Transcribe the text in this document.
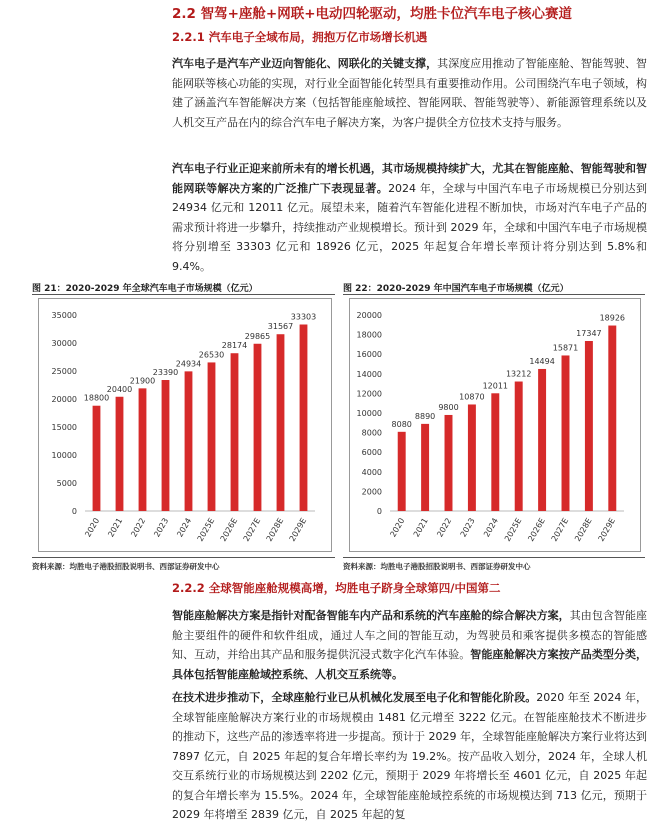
2.2 智驾+座舱+网联+电动四轮驱动，均胜卡位汽车电子核心赛道
2.2.1 汽车电子全域布局，拥抱万亿市场增长机遇

汽车电子是汽车产业迈向智能化、网联化的关键支撑，其深度应用推动了智能座舱、智能驾驶、智能网联等核心功能的实现，对行业全面智能化转型具有重要推动作用。公司围绕汽车电子领域，构建了涵盖汽车智能解决方案（包括智能座舱域控、智能网联、智能驾驶等）、新能源管理系统以及人机交互产品在内的综合汽车电子解决方案，为客户提供全方位技术支持与服务。

汽车电子行业正迎来前所未有的增长机遇，其市场规模持续扩大，尤其在智能座舱、智能驾驶和智能网联等解决方案的广泛推广下表现显著。2024 年，全球与中国汽车电子市场规模已分别达到 24934 亿元和 12011 亿元。展望未来，随着汽车智能化进程不断加快，市场对汽车电子产品的需求预计将进一步攀升，持续推动产业规模增长。预计到 2029 年，全球和中国汽车电子市场规模将分别增至 33303 亿元和 18926 亿元，2025 年起复合年增长率预计将分别达到 5.8%和 9.4%。

图 21：2020-2029 年全球汽车电子市场规模（亿元）
0
5000
10000
15000
20000
25000
30000
35000
18800
2020
20400
2021
21900
2022
23390
2023
24934
2024
26530
2025E
28174
2026E
29865
2027E
31567
2028E
33303
2029E
资料来源：均胜电子港股招股说明书、西部证券研发中心
图 22：2020-2029 年中国汽车电子市场规模（亿元）
0
2000
4000
6000
8000
10000
12000
14000
16000
18000
20000
8080
2020
8890
2021
9800
2022
10870
2023
12011
2024
13212
2025E
14494
2026E
15871
2027E
17347
2028E
18926
2029E
资料来源：均胜电子港股招股说明书、西部证券研发中心
2.2.2 全球智能座舱规模高增，均胜电子跻身全球第四/中国第二

智能座舱解决方案是指针对配备智能车内产品和系统的汽车座舱的综合解决方案，其由包含智能座舱主要组件的硬件和软件组成，通过人车之间的智能互动，为驾驶员和乘客提供多模态的智能感知、互动，并给出其产品和服务提供沉浸式数字化汽车体验。智能座舱解决方案按产品类型分类，具体包括智能座舱域控系统、人机交互系统等。

在技术进步推动下，全球座舱行业已从机械化发展至电子化和智能化阶段。2020 年至 2024 年，全球智能座舱解决方案行业的市场规模由 1481 亿元增至 3222 亿元。在智能座舱技术不断进步的推动下，这些产品的渗透率将进一步提高。预计于 2029 年，全球智能座舱解决方案行业将达到 7897 亿元，自 2025 年起的复合年增长率约为 19.2%。按产品收入划分，2024 年，全球人机交互系统行业的市场规模达到 2202 亿元，预期于 2029 年将增长至 4601 亿元，自 2025 年起的复合年增长率为 15.5%。2024 年，全球智能座舱域控系统的市场规模达到 713 亿元，预期于 2029 年将增至 2839 亿元，自 2025 年起的复
